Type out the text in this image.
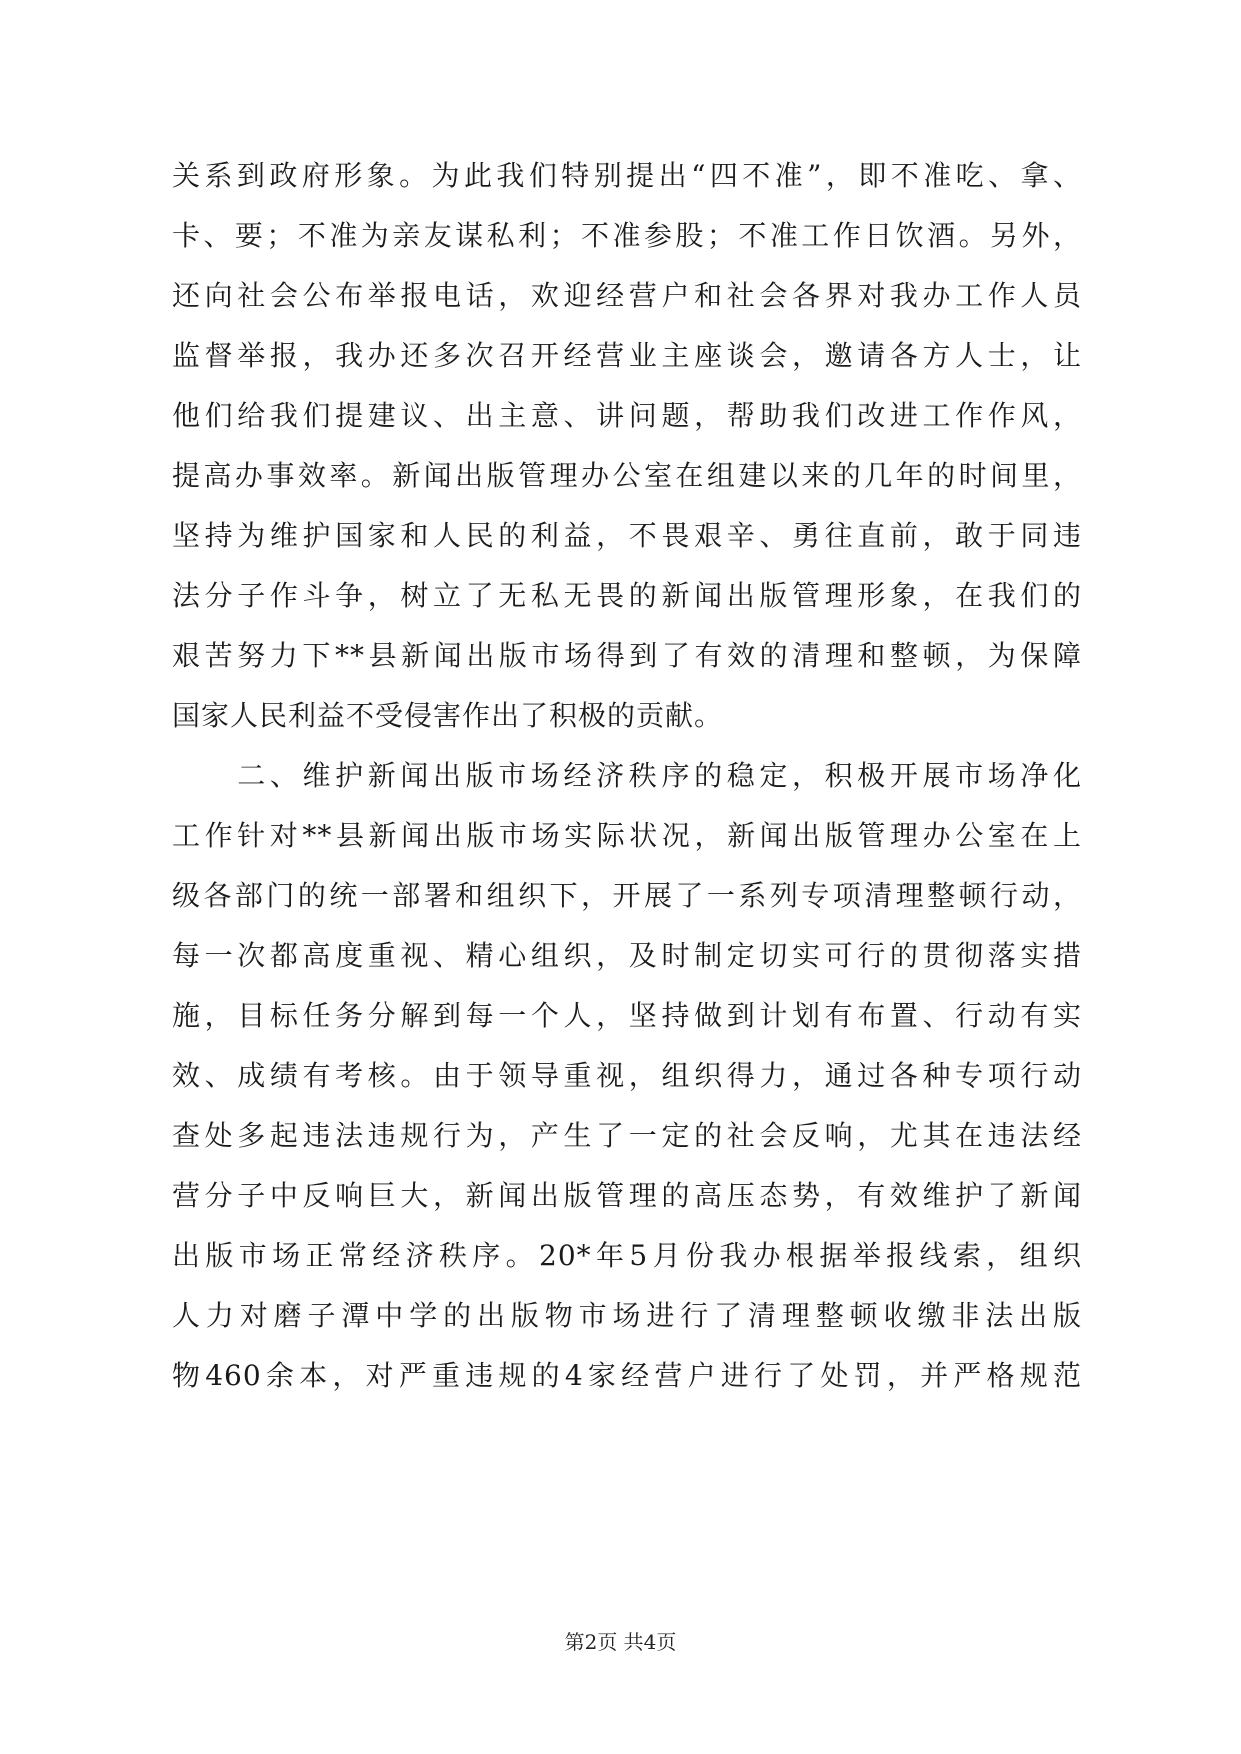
关系到政府形象。为此我们特别提出“四不准”，即不准吃、拿、
卡、要；不准为亲友谋私利；不准参股；不准工作日饮酒。另外，
还向社会公布举报电话，欢迎经营户和社会各界对我办工作人员
监督举报，我办还多次召开经营业主座谈会，邀请各方人士，让
他们给我们提建议、出主意、讲问题，帮助我们改进工作作风，
提高办事效率。新闻出版管理办公室在组建以来的几年的时间里，
坚持为维护国家和人民的利益，不畏艰辛、勇往直前，敢于同违
法分子作斗争，树立了无私无畏的新闻出版管理形象，在我们的
艰苦努力下**县新闻出版市场得到了有效的清理和整顿，为保障
国家人民利益不受侵害作出了积极的贡献。
　　二、维护新闻出版市场经济秩序的稳定，积极开展市场净化
工作针对**县新闻出版市场实际状况，新闻出版管理办公室在上
级各部门的统一部署和组织下，开展了一系列专项清理整顿行动，
每一次都高度重视、精心组织，及时制定切实可行的贯彻落实措
施，目标任务分解到每一个人，坚持做到计划有布置、行动有实
效、成绩有考核。由于领导重视，组织得力，通过各种专项行动
查处多起违法违规行为，产生了一定的社会反响，尤其在违法经
营分子中反响巨大，新闻出版管理的高压态势，有效维护了新闻
出版市场正常经济秩序。20*年5月份我办根据举报线索，组织
人力对磨子潭中学的出版物市场进行了清理整顿收缴非法出版
物460余本，对严重违规的4家经营户进行了处罚，并严格规范
第2页 共4页
